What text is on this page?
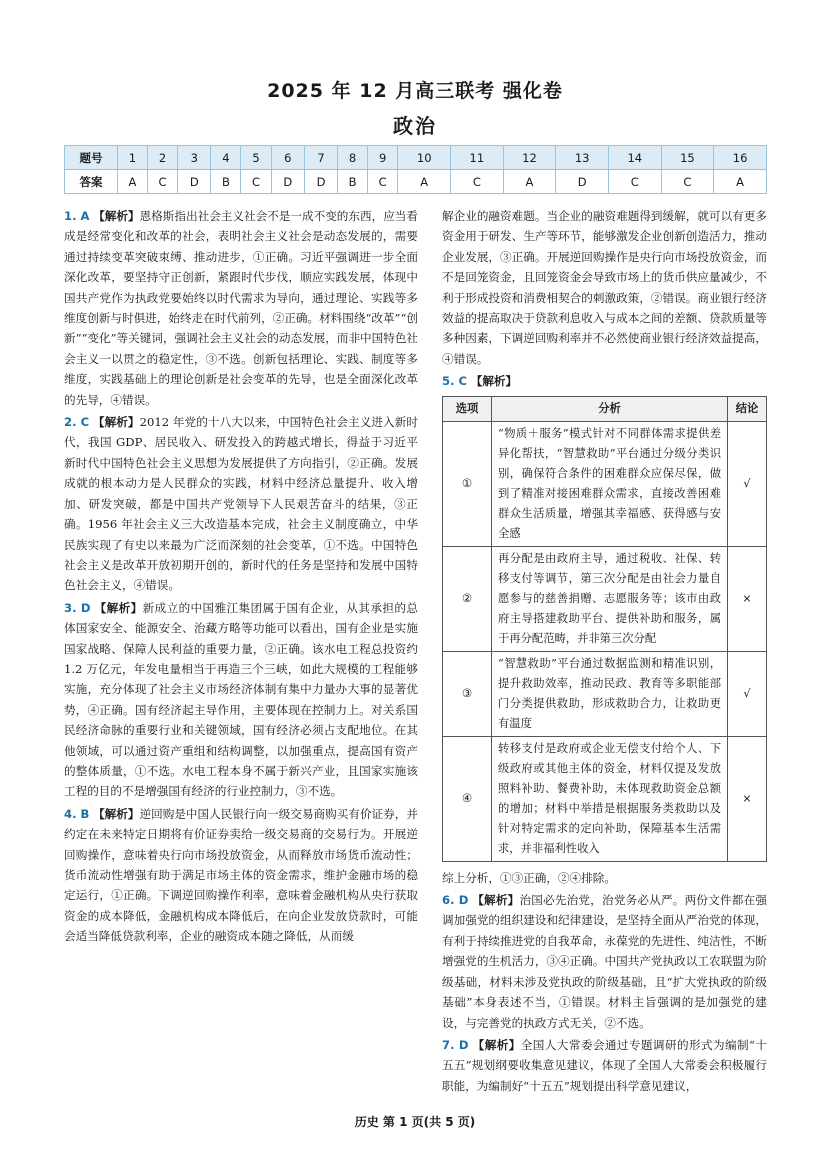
2025 年 12 月高三联考 强化卷
政治
题号	1	2	3	4	5	6	7	8	9	10	11	12	13	14	15	16
答案	A	C	D	B	C	D	D	B	C	A	C	A	D	C	C	A

1. A 【解析】恩格斯指出社会主义社会不是一成不变的东西，应当看成是经常变化和改革的社会，表明社会主义社会是动态发展的，需要通过持续变革突破束缚、推动进步，①正确。习近平强调进一步全面深化改革，要坚持守正创新，紧跟时代步伐，顺应实践发展，体现中国共产党作为执政党要始终以时代需求为导向，通过理论、实践等多维度创新与时俱进，始终走在时代前列，②正确。材料围绕“改革”“创新”“变化”等关键词，强调社会主义社会的动态发展，而非中国特色社会主义一以贯之的稳定性，③不选。创新包括理论、实践、制度等多维度，实践基础上的理论创新是社会变革的先导，也是全面深化改革的先导，④错误。

2. C 【解析】2012 年党的十八大以来，中国特色社会主义进入新时代，我国 GDP、居民收入、研发投入的跨越式增长，得益于习近平新时代中国特色社会主义思想为发展提供了方向指引，②正确。发展成就的根本动力是人民群众的实践，材料中经济总量提升、收入增加、研发突破，都是中国共产党领导下人民艰苦奋斗的结果，③正确。1956 年社会主义三大改造基本完成，社会主义制度确立，中华民族实现了有史以来最为广泛而深刻的社会变革，①不选。中国特色社会主义是改革开放初期开创的，新时代的任务是坚持和发展中国特色社会主义，④错误。

3. D 【解析】新成立的中国雅江集团属于国有企业，从其承担的总体国家安全、能源安全、治藏方略等功能可以看出，国有企业是实施国家战略、保障人民利益的重要力量，②正确。该水电工程总投资约 1.2 万亿元，年发电量相当于再造三个三峡，如此大规模的工程能够实施，充分体现了社会主义市场经济体制有集中力量办大事的显著优势，④正确。国有经济起主导作用，主要体现在控制力上。对关系国民经济命脉的重要行业和关键领域，国有经济必须占支配地位。在其他领域，可以通过资产重组和结构调整，以加强重点，提高国有资产的整体质量，①不选。水电工程本身不属于新兴产业，且国家实施该工程的目的不是增强国有经济的行业控制力，③不选。

4. B 【解析】逆回购是中国人民银行向一级交易商购买有价证券，并约定在未来特定日期将有价证券卖给一级交易商的交易行为。开展逆回购操作，意味着央行向市场投放资金，从而释放市场货币流动性；货币流动性增强有助于满足市场主体的资金需求，维护金融市场的稳定运行，①正确。下调逆回购操作利率，意味着金融机构从央行获取资金的成本降低，金融机构成本降低后，在向企业发放贷款时，可能会适当降低贷款利率，企业的融资成本随之降低，从而缓

解企业的融资难题。当企业的融资难题得到缓解，就可以有更多资金用于研发、生产等环节，能够激发企业创新创造活力，推动企业发展，③正确。开展逆回购操作是央行向市场投放资金，而不是回笼资金，且回笼资金会导致市场上的货币供应量减少，不利于形成投资和消费相契合的刺激政策，②错误。商业银行经济效益的提高取决于贷款利息收入与成本之间的差额、贷款质量等多种因素，下调逆回购利率并不必然使商业银行经济效益提高，④错误。

5. C 【解析】

选项	分析	结论
①	“物质＋服务”模式针对不同群体需求提供差异化帮扶，“智慧救助”平台通过分级分类识别，确保符合条件的困难群众应保尽保，做到了精准对接困难群众需求，直接改善困难群众生活质量，增强其幸福感、获得感与安全感	√
②	再分配是由政府主导，通过税收、社保、转移支付等调节，第三次分配是由社会力量自愿参与的慈善捐赠、志愿服务等；该市由政府主导搭建救助平台、提供补助和服务，属于再分配范畴，并非第三次分配	×
③	“智慧救助”平台通过数据监测和精准识别，提升救助效率，推动民政、教育等多职能部门分类提供救助，形成救助合力，让救助更有温度	√
④	转移支付是政府或企业无偿支付给个人、下级政府或其他主体的资金，材料仅提及发放照料补助、餐费补助，未体现救助资金总额的增加；材料中举措是根据服务类救助以及针对特定需求的定向补助，保障基本生活需求，并非福利性收入	×

综上分析，①③正确，②④排除。

6. D 【解析】治国必先治党，治党务必从严。两份文件都在强调加强党的组织建设和纪律建设，是坚持全面从严治党的体现，有利于持续推进党的自我革命，永葆党的先进性、纯洁性，不断增强党的生机活力，③④正确。中国共产党执政以工农联盟为阶级基础，材料未涉及党执政的阶级基础，且“扩大党执政的阶级基础”本身表述不当，①错误。材料主旨强调的是加强党的建设，与完善党的执政方式无关，②不选。

7. D 【解析】全国人大常委会通过专题调研的形式为编制“十五五”规划纲要收集意见建议，体现了全国人大常委会积极履行职能，为编制好“十五五”规划提出科学意见建议，

历史 第 1 页(共 5 页)
